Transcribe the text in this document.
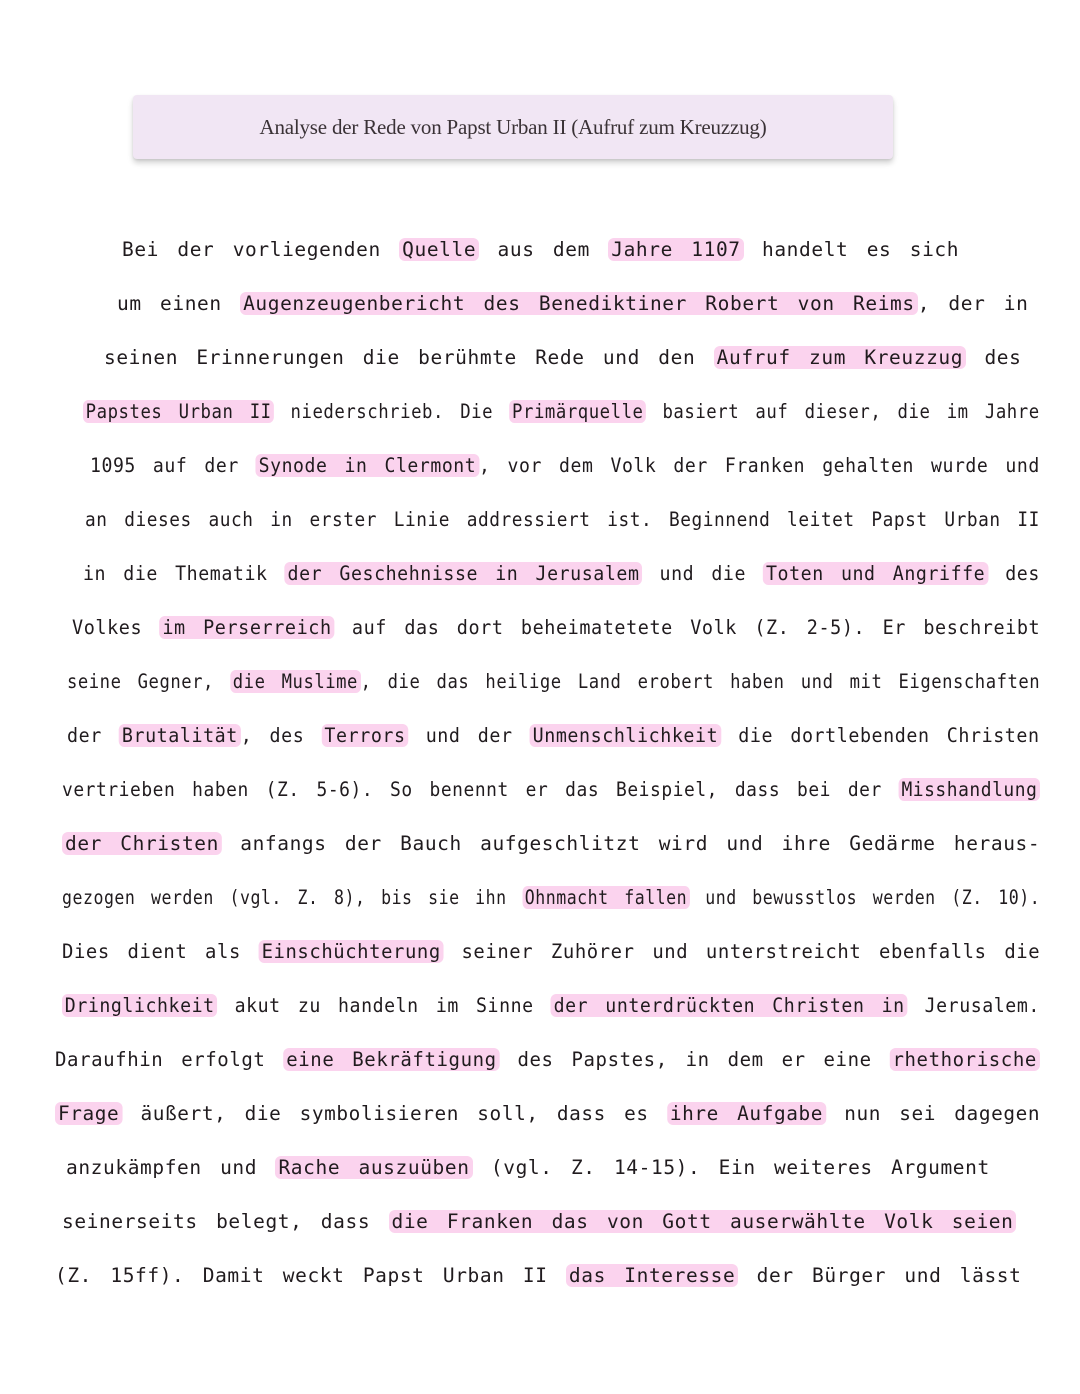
Analyse der Rede von Papst Urban II (Aufruf zum Kreuzzug)
Bei der vorliegenden Quelle aus dem Jahre 1107 handelt es sich
um einen Augenzeugenbericht des Benediktiner Robert von Reims , der in
seinen Erinnerungen die berühmte Rede und den Aufruf zum Kreuzzug des
Papstes Urban II niederschrieb. Die Primärquelle basiert auf dieser, die im Jahre
1095 auf der Synode in Clermont , vor dem Volk der Franken gehalten wurde und
an dieses auch in erster Linie addressiert ist. Beginnend leitet Papst Urban II
in die Thematik der Geschehnisse in Jerusalem und die Toten und Angriffe des
Volkes im Perserreich auf das dort beheimatetete Volk (Z. 2-5). Er beschreibt
seine Gegner, die Muslime , die das heilige Land erobert haben und mit Eigenschaften
der Brutalität , des Terrors und der Unmenschlichkeit die dortlebenden Christen
vertrieben haben (Z. 5-6). So benennt er das Beispiel, dass bei der Misshandlung
der Christen anfangs der Bauch aufgeschlitzt wird und ihre Gedärme heraus-
gezogen werden (vgl. Z. 8), bis sie ihn Ohnmacht fallen und bewusstlos werden (Z. 10).
Dies dient als Einschüchterung seiner Zuhörer und unterstreicht ebenfalls die
Dringlichkeit akut zu handeln im Sinne der unterdrückten Christen in Jerusalem.
Daraufhin erfolgt eine Bekräftigung des Papstes, in dem er eine rhethorische
Frage äußert, die symbolisieren soll, dass es ihre Aufgabe nun sei dagegen
anzukämpfen und Rache auszuüben (vgl. Z. 14-15). Ein weiteres Argument
seinerseits belegt, dass die Franken das von Gott auserwählte Volk seien
(Z. 15ff). Damit weckt Papst Urban II das Interesse der Bürger und lässt
